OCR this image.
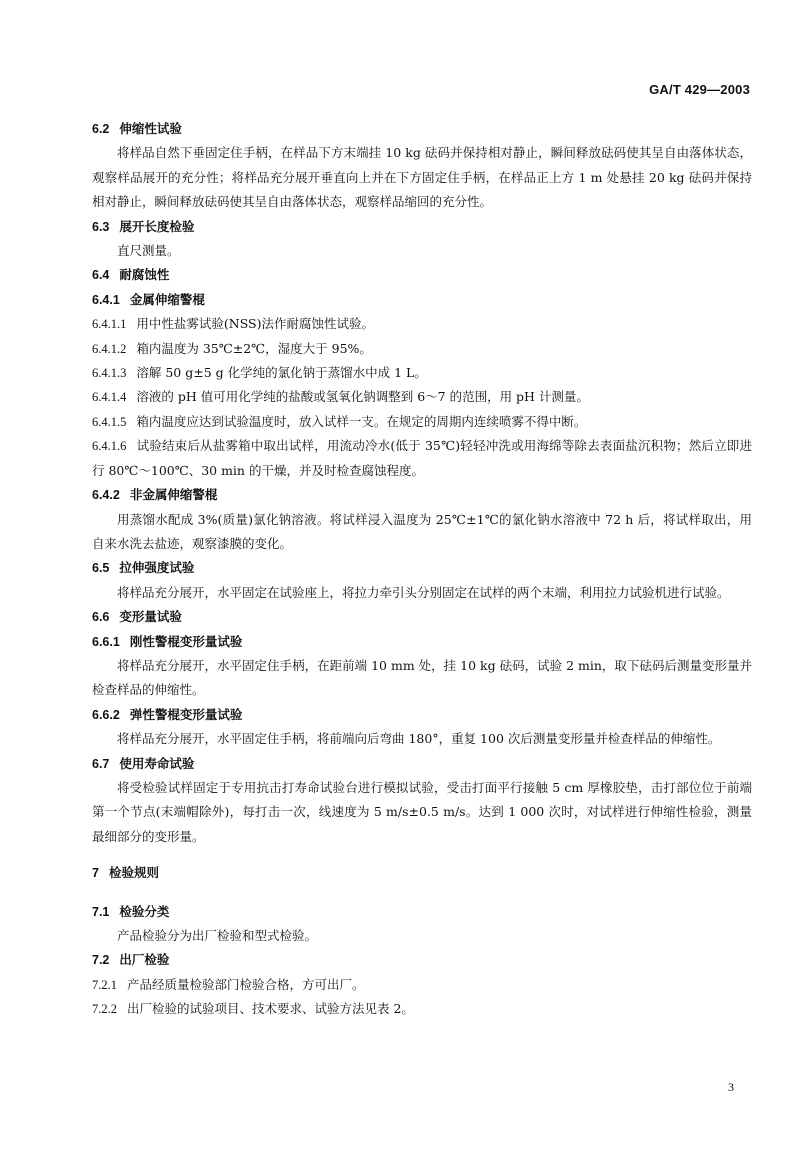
GA/T 429—2003
6.2 伸缩性试验

将样品自然下垂固定住手柄，在样品下方末端挂 10 kg 砝码并保持相对静止，瞬间释放砝码使其呈自由落体状态，观察样品展开的充分性；将样品充分展开垂直向上并在下方固定住手柄，在样品正上方 1 m 处悬挂 20 kg 砝码并保持相对静止，瞬间释放砝码使其呈自由落体状态，观察样品缩回的充分性。

6.3 展开长度检验

直尺测量。

6.4 耐腐蚀性
6.4.1 金属伸缩警棍

6.4.1.1 用中性盐雾试验(NSS)法作耐腐蚀性试验。

6.4.1.2 箱内温度为 35℃±2℃，湿度大于 95%。

6.4.1.3 溶解 50 g±5 g 化学纯的氯化钠于蒸馏水中成 1 L。

6.4.1.4 溶液的 pH 值可用化学纯的盐酸或氢氧化钠调整到 6～7 的范围，用 pH 计测量。

6.4.1.5 箱内温度应达到试验温度时，放入试样一支。在规定的周期内连续喷雾不得中断。

6.4.1.6 试验结束后从盐雾箱中取出试样，用流动冷水(低于 35℃)轻轻冲洗或用海绵等除去表面盐沉积物；然后立即进行 80℃～100℃、30 min 的干燥，并及时检查腐蚀程度。

6.4.2 非金属伸缩警棍

用蒸馏水配成 3%(质量)氯化钠溶液。将试样浸入温度为 25℃±1℃的氯化钠水溶液中 72 h 后，将试样取出，用自来水洗去盐迹，观察漆膜的变化。

6.5 拉伸强度试验

将样品充分展开，水平固定在试验座上，将拉力牵引头分别固定在试样的两个末端，利用拉力试验机进行试验。

6.6 变形量试验
6.6.1 刚性警棍变形量试验

将样品充分展开，水平固定住手柄，在距前端 10 mm 处，挂 10 kg 砝码，试验 2 min，取下砝码后测量变形量并检查样品的伸缩性。

6.6.2 弹性警棍变形量试验

将样品充分展开，水平固定住手柄，将前端向后弯曲 180°，重复 100 次后测量变形量并检查样品的伸缩性。

6.7 使用寿命试验

将受检验试样固定于专用抗击打寿命试验台进行模拟试验，受击打面平行接触 5 cm 厚橡胶垫，击打部位位于前端第一个节点(末端帽除外)，每打击一次，线速度为 5 m/s±0.5 m/s。达到 1 000 次时，对试样进行伸缩性检验，测量最细部分的变形量。

7 检验规则
7.1 检验分类

产品检验分为出厂检验和型式检验。

7.2 出厂检验

7.2.1 产品经质量检验部门检验合格，方可出厂。

7.2.2 出厂检验的试验项目、技术要求、试验方法见表 2。

3
